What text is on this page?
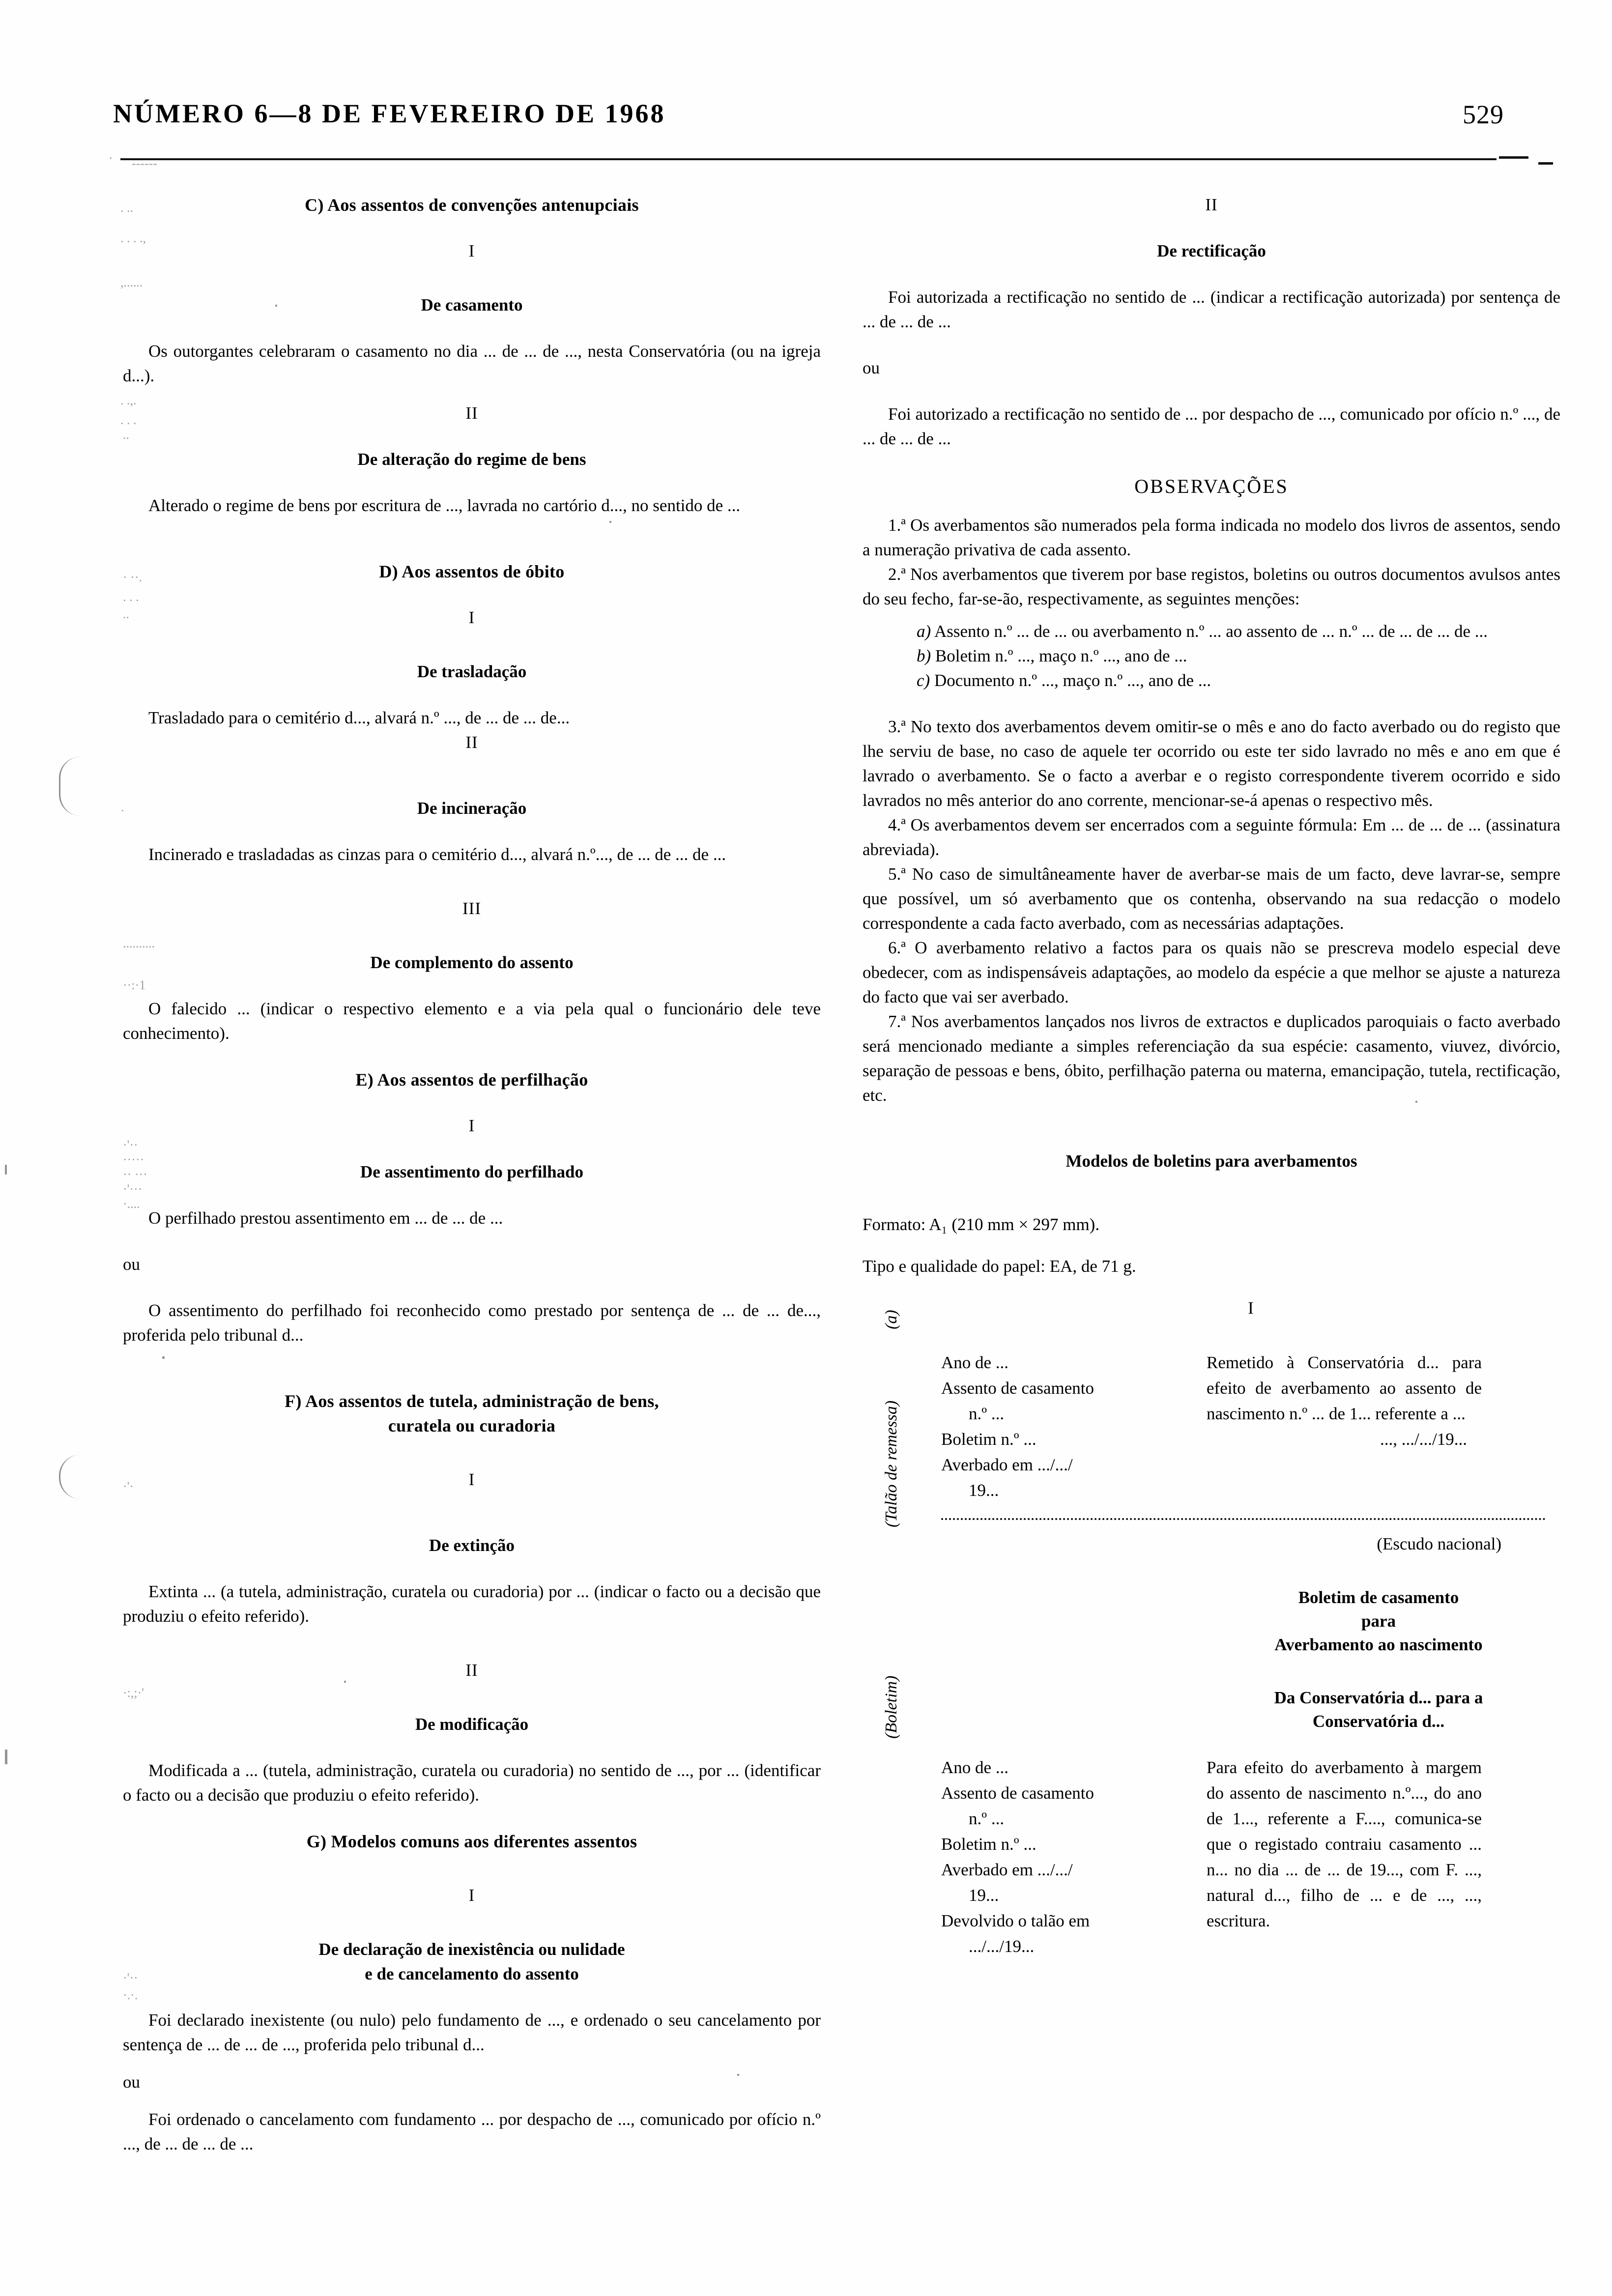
NÚMERO 6—8 DE FEVEREIRO DE 1968	529
------
.
. ..
. . . .,
,......
. .,.
. . .
..
· ··.
. . .
..
·
..........
··:·1
·'··
·····
·· ···
·'···
·....
·'·
·:,;·'
·'··
·.·.
C) Aos assentos de convenções antenupciais
I
De casamento

Os outorgantes celebraram o casamento no dia ... de ... de ..., nesta Conservatória (ou na igreja d...).

II
De alteração do regime de bens

Alterado o regime de bens por escritura de ..., lavrada no cartório d..., no sentido de ...

D) Aos assentos de óbito
I
De trasladação

Trasladado para o cemitério d..., alvará n.º ..., de ... de ... de...

II
De incineração

Incinerado e trasladadas as cinzas para o cemitério d..., alvará n.º..., de ... de ... de ...

III
De complemento do assento

O falecido ... (indicar o respectivo elemento e a via pela qual o funcionário dele teve conhecimento).

E) Aos assentos de perfilhação
I
De assentimento do perfilhado

O perfilhado prestou assentimento em ... de ... de ...

ou

O assentimento do perfilhado foi reconhecido como prestado por sentença de ... de ... de..., proferida pelo tribunal d...

F) Aos assentos de tutela, administração de bens,
curatela ou curadoria
I
De extinção

Extinta ... (a tutela, administração, curatela ou curadoria) por ... (indicar o facto ou a decisão que produziu o efeito referido).

II
De modificação

Modificada a ... (tutela, administração, curatela ou curadoria) no sentido de ..., por ... (identificar o facto ou a decisão que produziu o efeito referido).

G) Modelos comuns aos diferentes assentos
I
De declaração de inexistência ou nulidade
e de cancelamento do assento

Foi declarado inexistente (ou nulo) pelo fundamento de ..., e ordenado o seu cancelamento por sentença de ... de ... de ..., proferida pelo tribunal d...

ou

Foi ordenado o cancelamento com fundamento ... por despacho de ..., comunicado por ofício n.º ..., de ... de ... de ...

II
De rectificação

Foi autorizada a rectificação no sentido de ... (indicar a rectificação autorizada) por sentença de ... de ... de ...

ou

Foi autorizado a rectificação no sentido de ... por despacho de ..., comunicado por ofício n.º ..., de ... de ... de ...

OBSERVAÇÕES

1.ª Os averbamentos são numerados pela forma indicada no modelo dos livros de assentos, sendo a numeração privativa de cada assento.

2.ª Nos averbamentos que tiverem por base registos, boletins ou outros documentos avulsos antes do seu fecho, far-se-ão, respectivamente, as seguintes menções:

a) Assento n.º ... de ... ou averbamento n.º ... ao assento de ... n.º ... de ... de ... de ...
b) Boletim n.º ..., maço n.º ..., ano de ...
c) Documento n.º ..., maço n.º ..., ano de ...

3.ª No texto dos averbamentos devem omitir-se o mês e ano do facto averbado ou do registo que lhe serviu de base, no caso de aquele ter ocorrido ou este ter sido lavrado no mês e ano em que é lavrado o averbamento. Se o facto a averbar e o registo correspondente tiverem ocorrido e sido lavrados no mês anterior do ano corrente, mencionar-se-á apenas o respectivo mês.

4.ª Os averbamentos devem ser encerrados com a seguinte fórmula: Em ... de ... de ... (assinatura abreviada).

5.ª No caso de simultâneamente haver de averbar-se mais de um facto, deve lavrar-se, sempre que possível, um só averbamento que os contenha, observando na sua redacção o modelo correspondente a cada facto averbado, com as necessárias adaptações.

6.ª O averbamento relativo a factos para os quais não se prescreva modelo especial deve obedecer, com as indispensáveis adaptações, ao modelo da espécie a que melhor se ajuste a natureza do facto que vai ser averbado.

7.ª Nos averbamentos lançados nos livros de extractos e duplicados paroquiais o facto averbado será mencionado mediante a simples referenciação da sua espécie: casamento, viuvez, divórcio, separação de pessoas e bens, óbito, perfilhação paterna ou materna, emancipação, tutela, rectificação, etc.

Modelos de boletins para averbamentos

Formato: A₁ (210 mm × 297 mm).

Tipo e qualidade do papel: EA, de 71 g.

(a)
(Talão de remessa)
I
Ano de ...
Assento de casamento
n.º ...
Boletim n.º ...
Averbado em .../.../
19...
Remetido à Conservatória d... para efeito de averbamento ao assento de nascimento n.º ... de 1... referente a ...
..., .../.../19...
(Boletim)
(Escudo nacional)
Boletim de casamento
para
Averbamento ao nascimento
Da Conservatória d... para a
Conservatória d...
Ano de ...
Assento de casamento
n.º ...
Boletim n.º ...
Averbado em .../.../
19...
Devolvido o talão em
.../.../19...
Para efeito do averbamento à margem do assento de nascimento n.º..., do ano de 1..., referente a F...., comunica-se que o registado contraiu casamento ... n... no dia ... de ... de 19..., com F. ..., natural d..., filho de ... e de ..., ..., escritura.
